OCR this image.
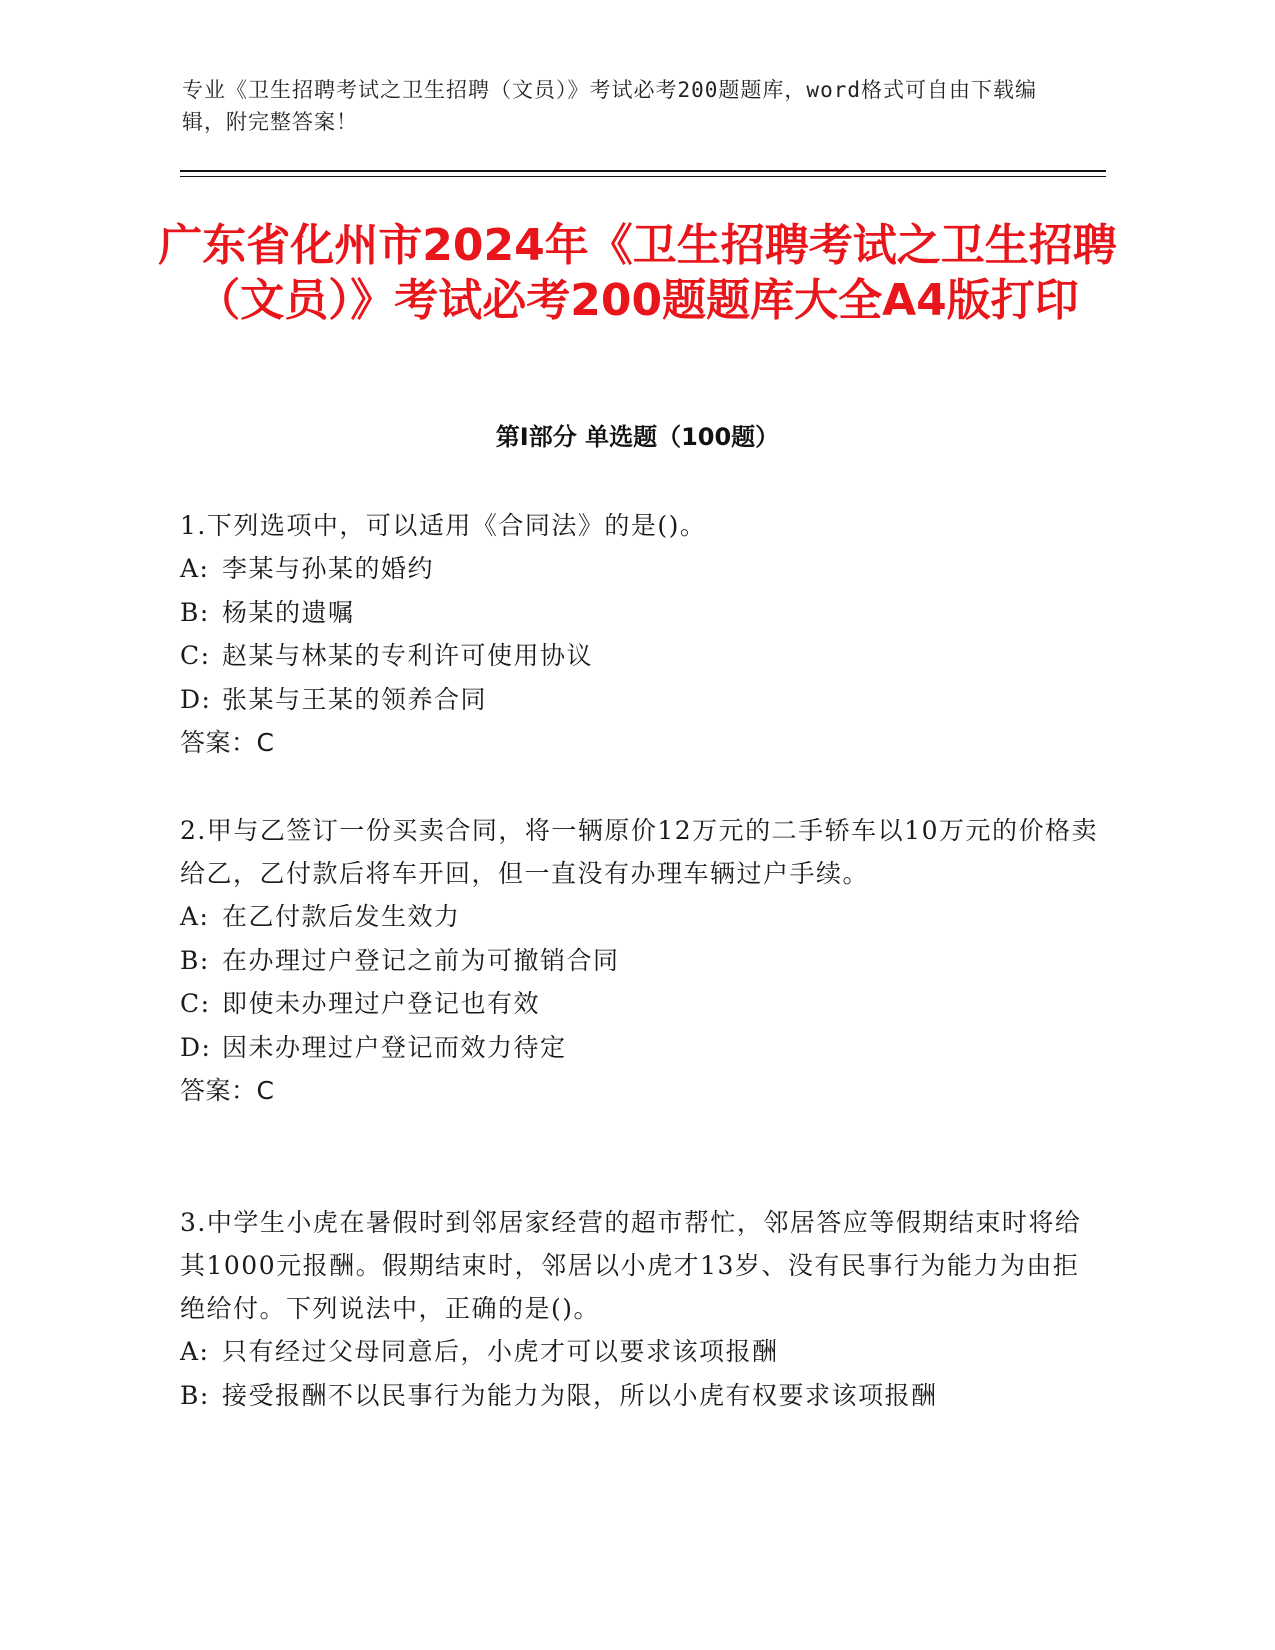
专业《卫生招聘考试之卫生招聘（文员）》考试必考200题题库，word格式可自由下载编辑，附完整答案！
广东省化州市2024年《卫生招聘考试之卫生招聘（文员）》考试必考200题题库大全A4版打印
第I部分 单选题（100题）

1.下列选项中，可以适用《合同法》的是()。

A: 李某与孙某的婚约

B: 杨某的遗嘱

C: 赵某与林某的专利许可使用协议

D: 张某与王某的领养合同

答案：C

2.甲与乙签订一份买卖合同，将一辆原价12万元的二手轿车以10万元的价格卖给乙，乙付款后将车开回，但一直没有办理车辆过户手续。

A: 在乙付款后发生效力

B: 在办理过户登记之前为可撤销合同

C: 即使未办理过户登记也有效

D: 因未办理过户登记而效力待定

答案：C

3.中学生小虎在暑假时到邻居家经营的超市帮忙，邻居答应等假期结束时将给其1000元报酬。假期结束时，邻居以小虎才13岁、没有民事行为能力为由拒绝给付。下列说法中，正确的是()。

A: 只有经过父母同意后，小虎才可以要求该项报酬

B: 接受报酬不以民事行为能力为限，所以小虎有权要求该项报酬
